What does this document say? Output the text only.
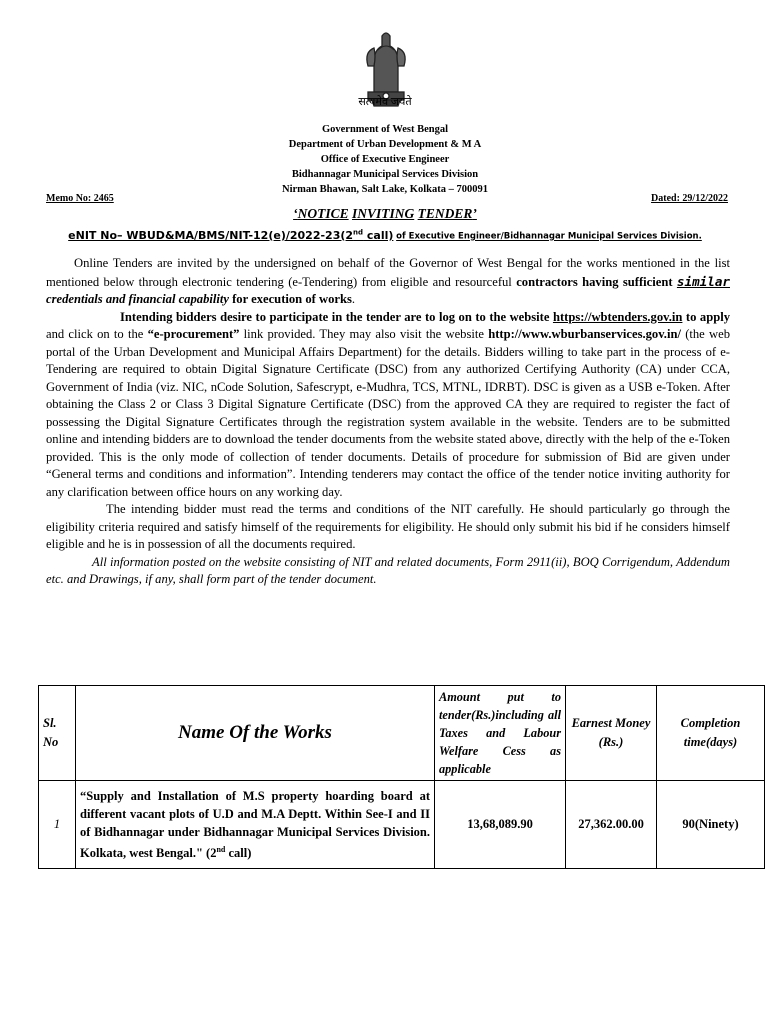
सत्यमेव जयते
Government of West Bengal
Department of Urban Development & M A
Office of Executive Engineer
Bidhannagar Municipal Services Division
Nirman Bhawan, Salt Lake, Kolkata – 700091
Memo No: 2465	Dated: 29/12/2022
‘NOTICE INVITING TENDER’
eNIT No– WBUD&MA/BMS/NIT-12(e)/2022-23(2nd call) of Executive Engineer/Bidhannagar Municipal Services Division.

Online Tenders are invited by the undersigned on behalf of the Governor of West Bengal for the works mentioned in the list mentioned below through electronic tendering (e-Tendering) from eligible and resourceful contractors having sufficient similar credentials and financial capability for execution of works.

Intending bidders desire to participate in the tender are to log on to the website https://wbtenders.gov.in to apply and click on to the “e-procurement” link provided. They may also visit the website http://www.wburbanservices.gov.in/ (the web portal of the Urban Development and Municipal Affairs Department) for the details. Bidders willing to take part in the process of e-Tendering are required to obtain Digital Signature Certificate (DSC) from any authorized Certifying Authority (CA) under CCA, Government of India (viz. NIC, nCode Solution, Safescrypt, e-Mudhra, TCS, MTNL, IDRBT). DSC is given as a USB e-Token. After obtaining the Class 2 or Class 3 Digital Signature Certificate (DSC) from the approved CA they are required to register the fact of possessing the Digital Signature Certificates through the registration system available in the website. Tenders are to be submitted online and intending bidders are to download the tender documents from the website stated above, directly with the help of the e-Token provided. This is the only mode of collection of tender documents. Details of procedure for submission of Bid are given under “General terms and conditions and information”. Intending tenderers may contact the office of the tender notice inviting authority for any clarification between office hours on any working day.

The intending bidder must read the terms and conditions of the NIT carefully. He should particularly go through the eligibility criteria required and satisfy himself of the requirements for eligibility. He should only submit his bid if he considers himself eligible and he is in possession of all the documents required.

All information posted on the website consisting of NIT and related documents, Form 2911(ii), BOQ Corrigendum, Addendum etc. and Drawings, if any, shall form part of the tender document.

Sl. No	Name Of the Works	Amount put to tender(Rs.)including all Taxes and Labour Welfare Cess as applicable	Earnest Money (Rs.)	Completion time(days)
1	“Supply and Installation of M.S property hoarding board at different vacant plots of U.D and M.A Deptt. Within See-I and II of Bidhannagar under Bidhannagar Municipal Services Division. Kolkata, west Bengal." (2nd call)	13,68,089.90	27,362.00.00	90(Ninety)
